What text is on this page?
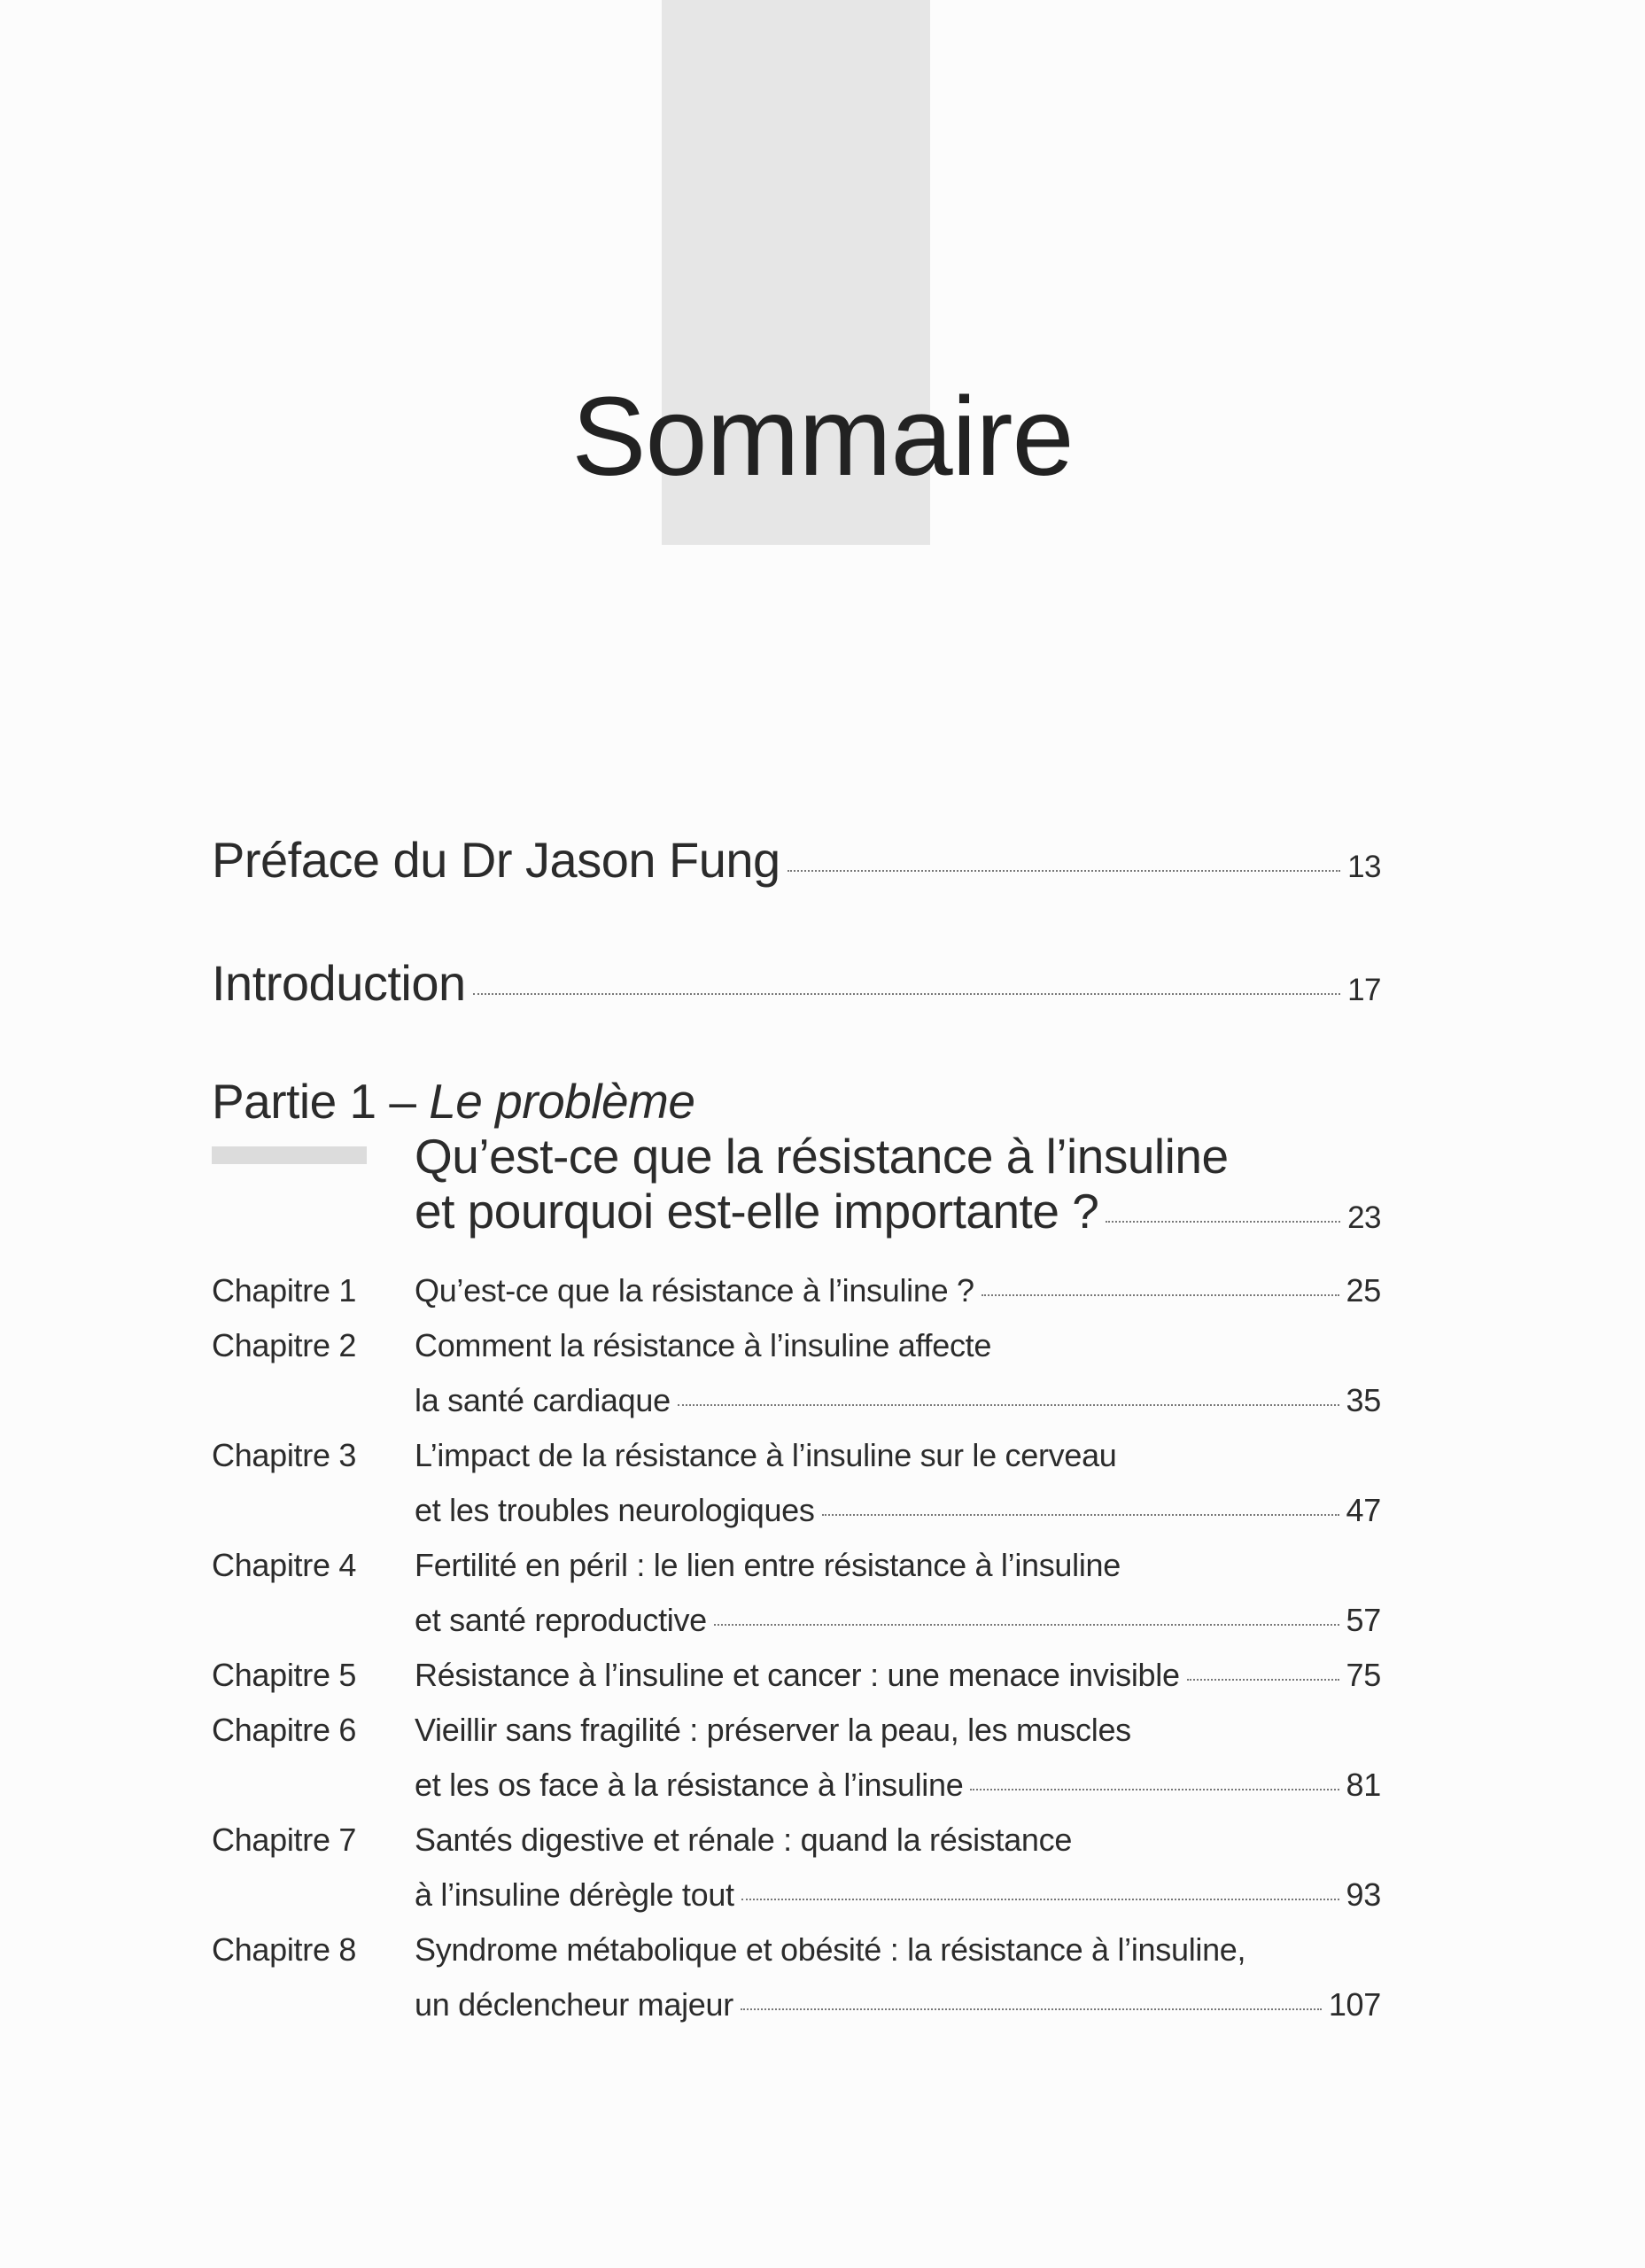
Sommaire
Préface du Dr Jason Fung	13
Introduction	17
Partie 1 – Le problème
Qu’est-ce que la résistance à l’insuline
et pourquoi est-elle importante ?	23
Chapitre 1 Qu’est-ce que la résistance à l’insuline ?	25
Chapitre 2	Comment la résistance à l’insuline affecte
la santé cardiaque	35
Chapitre 3	L’impact de la résistance à l’insuline sur le cerveau
et les troubles neurologiques	47
Chapitre 4	Fertilité en péril : le lien entre résistance à l’insuline
et santé reproductive	57
Chapitre 5 Résistance à l’insuline et cancer : une menace invisible	75
Chapitre 6	Vieillir sans fragilité : préserver la peau, les muscles
et les os face à la résistance à l’insuline	81
Chapitre 7	Santés digestive et rénale : quand la résistance
à l’insuline dérègle tout	93
Chapitre 8	Syndrome métabolique et obésité : la résistance à l’insuline,
un déclencheur majeur	107
